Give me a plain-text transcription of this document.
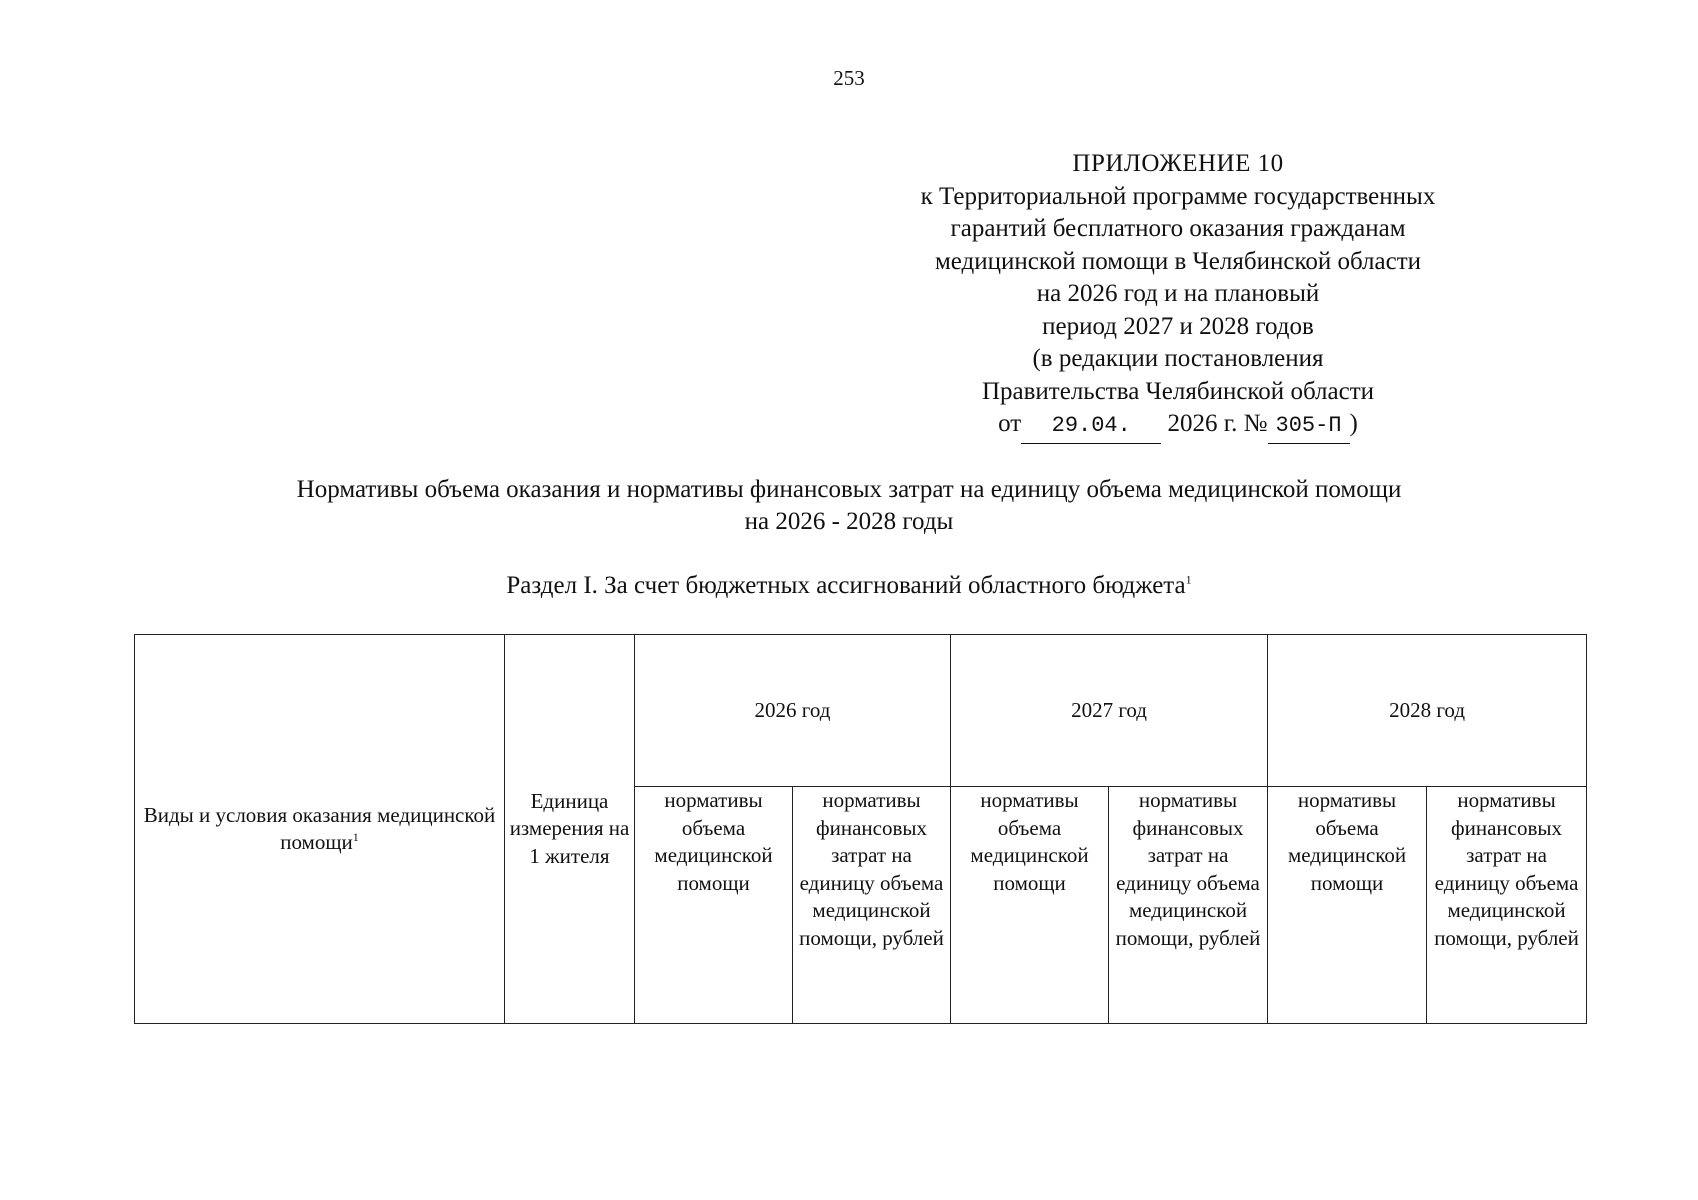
253
ПРИЛОЖЕНИЕ 10
к Территориальной программе государственных
гарантий бесплатного оказания гражданам
медицинской помощи в Челябинской области
на 2026 год и на плановый
период 2027 и 2028 годов
(в редакции постановления
Правительства Челябинской области
от 29.04. 2026 г. № 305-П )
Нормативы объема оказания и нормативы финансовых затрат на единицу объема медицинской помощи
на 2026 - 2028 годы
Раздел I. За счет бюджетных ассигнований областного бюджета$^1$
Виды и условия оказания медицинской помощи$^1$	Единица измерения на 1 жителя	2026 год		2027 год		2028 год	
		нормативы объема медицинской помощи	нормативы финансовых затрат на единицу объема медицинской помощи, рублей	нормативы объема медицинской помощи	нормативы финансовых затрат на единицу объема медицинской помощи, рублей	нормативы объема медицинской помощи	нормативы финансовых затрат на единицу объема медицинской помощи, рублей
